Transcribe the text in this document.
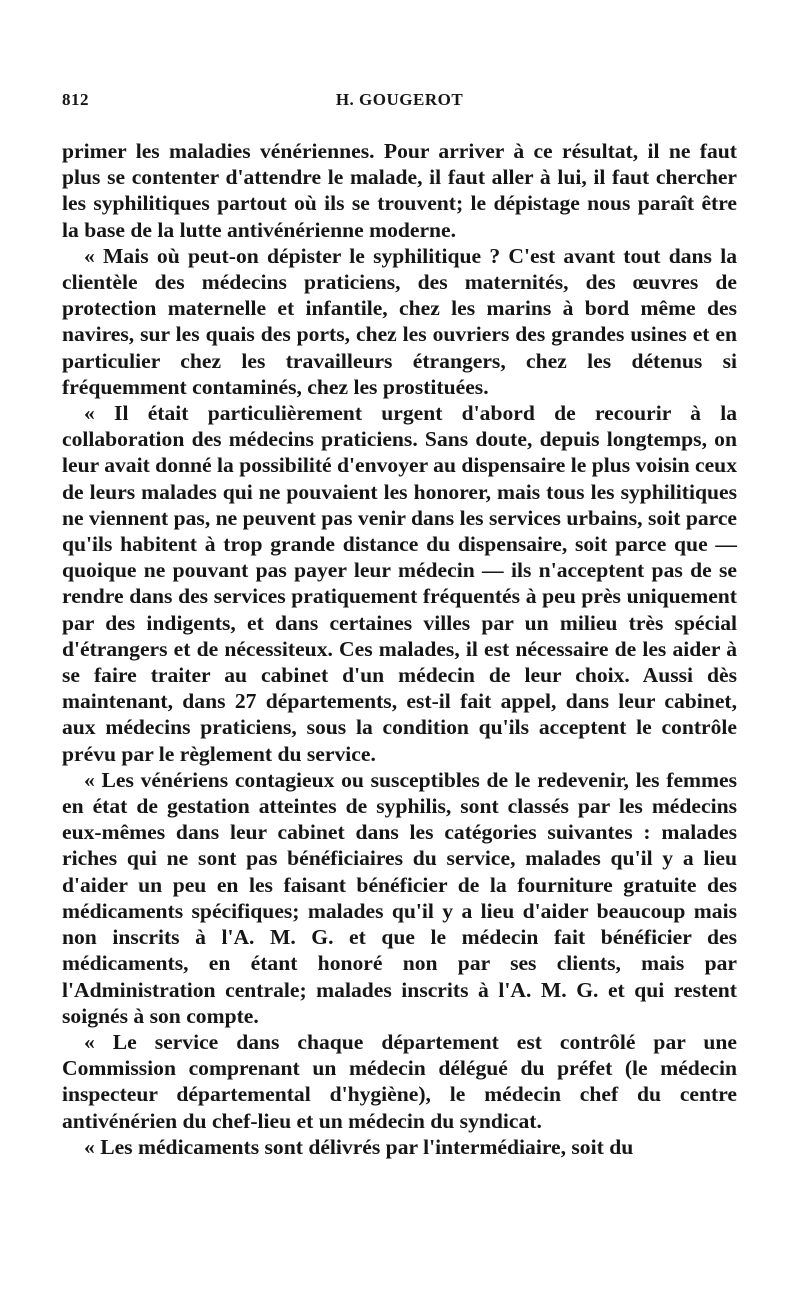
812	H. GOUGEROT

primer les maladies vénériennes. Pour arriver à ce résultat, il ne faut plus se contenter d'attendre le malade, il faut aller à lui, il faut chercher les syphilitiques partout où ils se trouvent; le dépistage nous paraît être la base de la lutte antivénérienne moderne.

« Mais où peut-on dépister le syphilitique ? C'est avant tout dans la clientèle des médecins praticiens, des maternités, des œuvres de protection maternelle et infantile, chez les marins à bord même des navires, sur les quais des ports, chez les ouvriers des grandes usines et en particulier chez les travailleurs étrangers, chez les détenus si fréquemment contaminés, chez les prostituées.

« Il était particulièrement urgent d'abord de recourir à la collaboration des médecins praticiens. Sans doute, depuis longtemps, on leur avait donné la possibilité d'envoyer au dispensaire le plus voisin ceux de leurs malades qui ne pouvaient les honorer, mais tous les syphilitiques ne viennent pas, ne peuvent pas venir dans les services urbains, soit parce qu'ils habitent à trop grande distance du dispensaire, soit parce que — quoique ne pouvant pas payer leur médecin — ils n'acceptent pas de se rendre dans des services pratiquement fréquentés à peu près uniquement par des indigents, et dans certaines villes par un milieu très spécial d'étrangers et de nécessiteux. Ces malades, il est nécessaire de les aider à se faire traiter au cabinet d'un médecin de leur choix. Aussi dès maintenant, dans 27 départements, est-il fait appel, dans leur cabinet, aux médecins praticiens, sous la condition qu'ils acceptent le contrôle prévu par le règlement du service.

« Les vénériens contagieux ou susceptibles de le redevenir, les femmes en état de gestation atteintes de syphilis, sont classés par les médecins eux-mêmes dans leur cabinet dans les catégories suivantes : malades riches qui ne sont pas bénéficiaires du service, malades qu'il y a lieu d'aider un peu en les faisant bénéficier de la fourniture gratuite des médicaments spécifiques; malades qu'il y a lieu d'aider beaucoup mais non inscrits à l'A. M. G. et que le médecin fait bénéficier des médicaments, en étant honoré non par ses clients, mais par l'Administration centrale; malades inscrits à l'A. M. G. et qui restent soignés à son compte.

« Le service dans chaque département est contrôlé par une Commission comprenant un médecin délégué du préfet (le médecin inspecteur départemental d'hygiène), le médecin chef du centre antivénérien du chef-lieu et un médecin du syndicat.

« Les médicaments sont délivrés par l'intermédiaire, soit du
